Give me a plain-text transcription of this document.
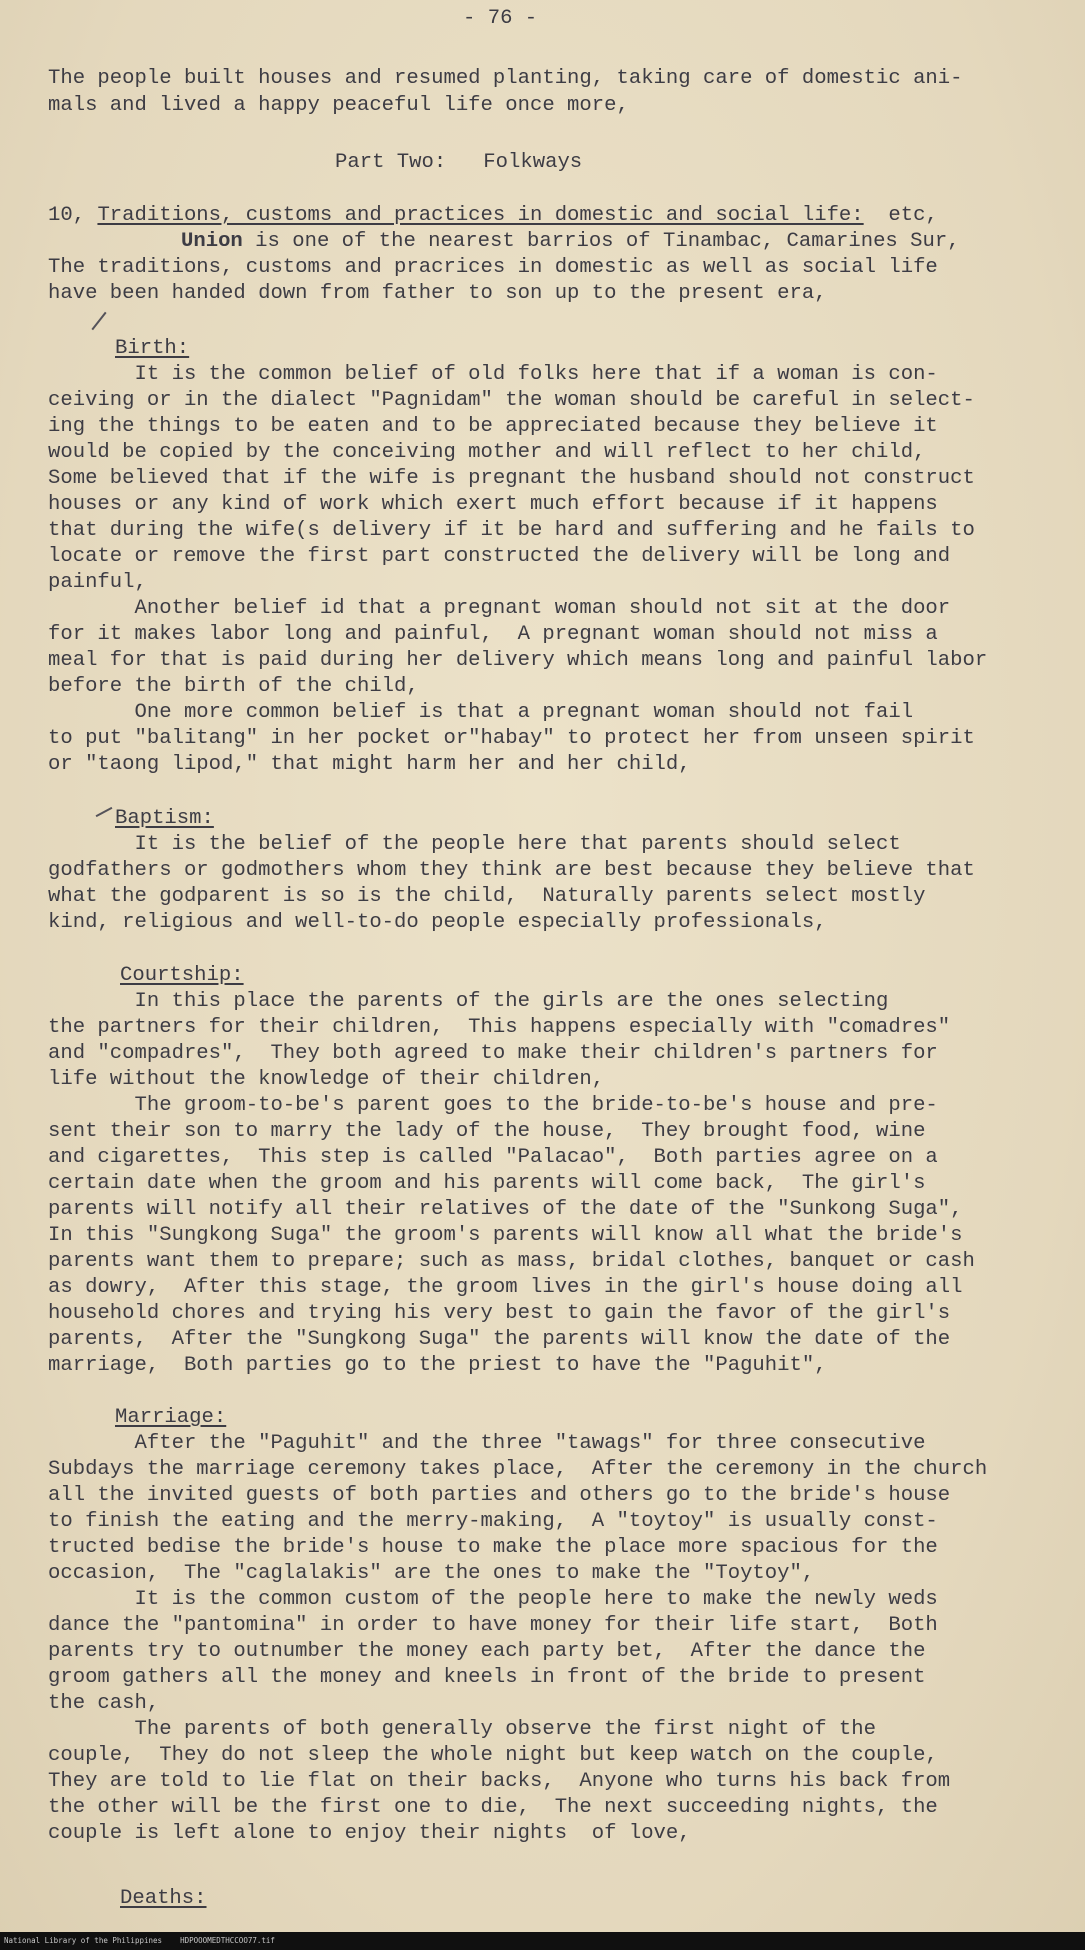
- 76 -

The people built houses and resumed planting, taking care of domestic ani-

mals and lived a happy peaceful life once more,

Part Two:   Folkways

10, Traditions, customs and practices in domestic and social life: etc,

Union is one of the nearest barrios of Tinambac, Camarines Sur,

The traditions, customs and pracrices in domestic as well as social life

have been handed down from father to son up to the present era,

Birth:

It is the common belief of old folks here that if a woman is con-

ceiving or in the dialect "Pagnidam" the woman should be careful in select-

ing the things to be eaten and to be appreciated because they believe it

would be copied by the conceiving mother and will reflect to her child,

Some believed that if the wife is pregnant the husband should not construct

houses or any kind of work which exert much effort because if it happens

that during the wife(s delivery if it be hard and suffering and he fails to

locate or remove the first part constructed the delivery will be long and

painful,

Another belief id that a pregnant woman should not sit at the door

for it makes labor long and painful,  A pregnant woman should not miss a

meal for that is paid during her delivery which means long and painful labor

before the birth of the child,

One more common belief is that a pregnant woman should not fail

to put "balitang" in her pocket or"habay" to protect her from unseen spirit

or "taong lipod," that might harm her and her child,

Baptism:

It is the belief of the people here that parents should select

godfathers or godmothers whom they think are best because they believe that

what the godparent is so is the child,  Naturally parents select mostly

kind, religious and well-to-do people especially professionals,

Courtship:

In this place the parents of the girls are the ones selecting

the partners for their children,  This happens especially with "comadres"

and "compadres",  They both agreed to make their children's partners for

life without the knowledge of their children,

The groom-to-be's parent goes to the bride-to-be's house and pre-

sent their son to marry the lady of the house,  They brought food, wine

and cigarettes,  This step is called "Palacao",  Both parties agree on a

certain date when the groom and his parents will come back,  The girl's

parents will notify all their relatives of the date of the "Sunkong Suga",

In this "Sungkong Suga" the groom's parents will know all what the bride's

parents want them to prepare; such as mass, bridal clothes, banquet or cash

as dowry,  After this stage, the groom lives in the girl's house doing all

household chores and trying his very best to gain the favor of the girl's

parents,  After the "Sungkong Suga" the parents will know the date of the

marriage,  Both parties go to the priest to have the "Paguhit",

Marriage:

After the "Paguhit" and the three "tawags" for three consecutive

Subdays the marriage ceremony takes place,  After the ceremony in the church

all the invited guests of both parties and others go to the bride's house

to finish the eating and the merry-making,  A "toytoy" is usually const-

tructed bedise the bride's house to make the place more spacious for the

occasion,  The "caglalakis" are the ones to make the "Toytoy",

It is the common custom of the people here to make the newly weds

dance the "pantomina" in order to have money for their life start,  Both

parents try to outnumber the money each party bet,  After the dance the

groom gathers all the money and kneels in front of the bride to present

the cash,

The parents of both generally observe the first night of the

couple,  They do not sleep the whole night but keep watch on the couple,

They are told to lie flat on their backs,  Anyone who turns his back from

the other will be the first one to die,  The next succeeding nights, the

couple is left alone to enjoy their nights  of love,

Deaths:

National Library of the Philippines    HDPOOOMEDTHCCOO77.tif
